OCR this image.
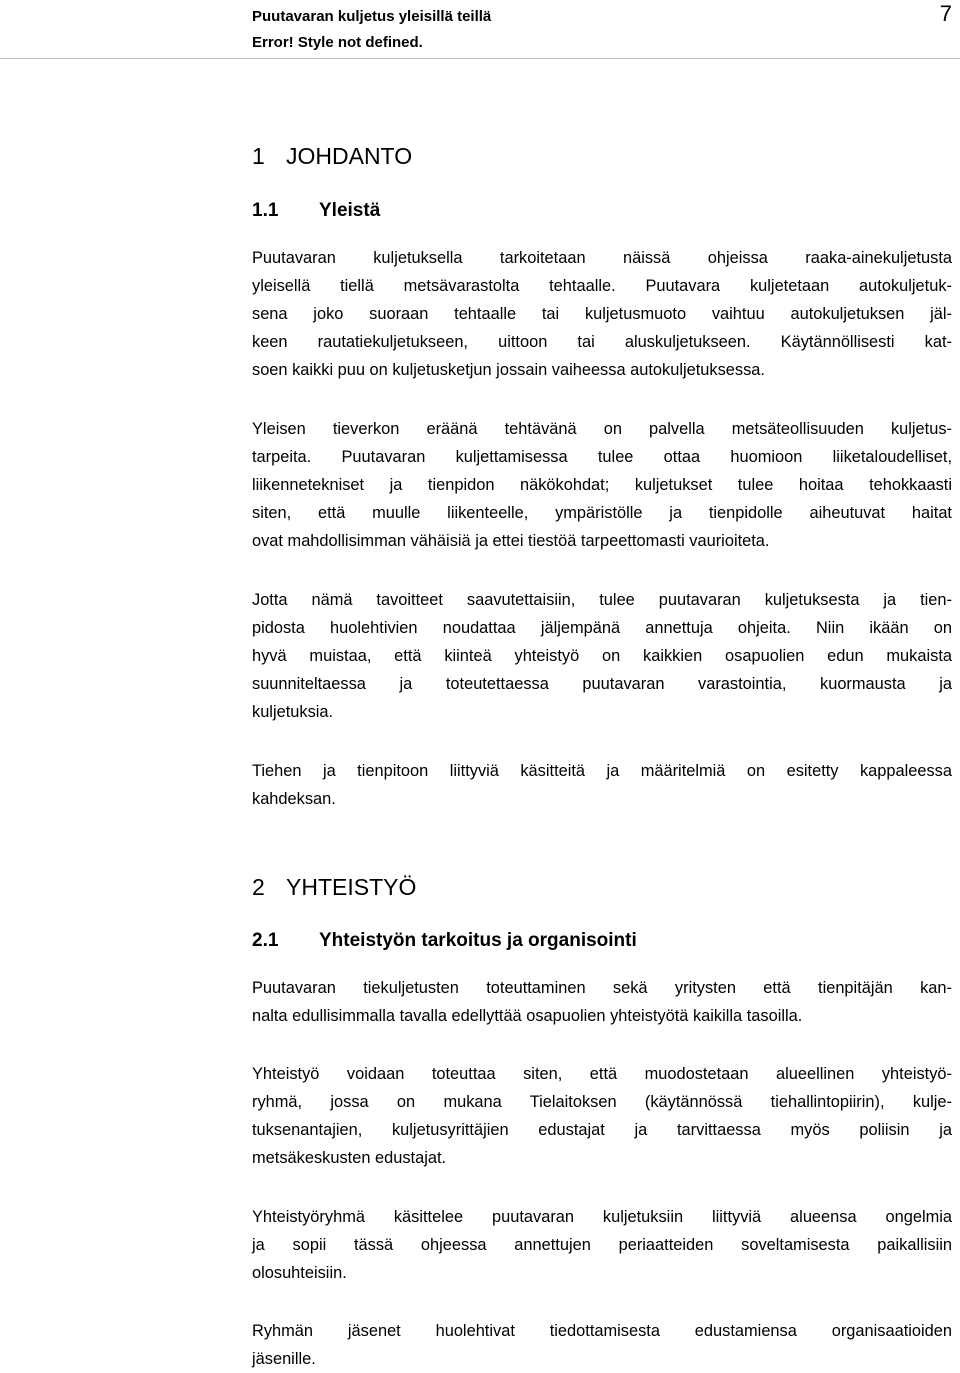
Puutavaran kuljetus yleisillä teillä
Error! Style not defined.
7
1 JOHDANTO
1.1 Yleistä
Puutavaran kuljetuksella tarkoitetaan näissä ohjeissa raaka-ainekuljetusta
yleisellä tiellä metsävarastolta tehtaalle. Puutavara kuljetetaan autokuljetuk-
sena joko suoraan tehtaalle tai kuljetusmuoto vaihtuu autokuljetuksen jäl-
keen rautatiekuljetukseen, uittoon tai aluskuljetukseen. Käytännöllisesti kat-
soen kaikki puu on kuljetusketjun jossain vaiheessa autokuljetuksessa.
Yleisen tieverkon eräänä tehtävänä on palvella metsäteollisuuden kuljetus-
tarpeita. Puutavaran kuljettamisessa tulee ottaa huomioon liiketaloudelliset,
liikennetekniset ja tienpidon näkökohdat; kuljetukset tulee hoitaa tehokkaasti
siten, että muulle liikenteelle, ympäristölle ja tienpidolle aiheutuvat haitat
ovat mahdollisimman vähäisiä ja ettei tiestöä tarpeettomasti vaurioiteta.
Jotta nämä tavoitteet saavutettaisiin, tulee puutavaran kuljetuksesta ja tien-
pidosta huolehtivien noudattaa jäljempänä annettuja ohjeita. Niin ikään on
hyvä muistaa, että kiinteä yhteistyö on kaikkien osapuolien edun mukaista
suunniteltaessa ja toteutettaessa puutavaran varastointia, kuormausta ja
kuljetuksia.
Tiehen ja tienpitoon liittyviä käsitteitä ja määritelmiä on esitetty kappaleessa
kahdeksan.
2 YHTEISTYÖ
2.1 Yhteistyön tarkoitus ja organisointi
Puutavaran tiekuljetusten toteuttaminen sekä yritysten että tienpitäjän kan-
nalta edullisimmalla tavalla edellyttää osapuolien yhteistyötä kaikilla tasoilla.
Yhteistyö voidaan toteuttaa siten, että muodostetaan alueellinen yhteistyö-
ryhmä, jossa on mukana Tielaitoksen (käytännössä tiehallintopiirin), kulje-
tuksenantajien, kuljetusyrittäjien edustajat ja tarvittaessa myös poliisin ja
metsäkeskusten edustajat.
Yhteistyöryhmä käsittelee puutavaran kuljetuksiin liittyviä alueensa ongelmia
ja sopii tässä ohjeessa annettujen periaatteiden soveltamisesta paikallisiin
olosuhteisiin.
Ryhmän jäsenet huolehtivat tiedottamisesta edustamiensa organisaatioiden
jäsenille.
